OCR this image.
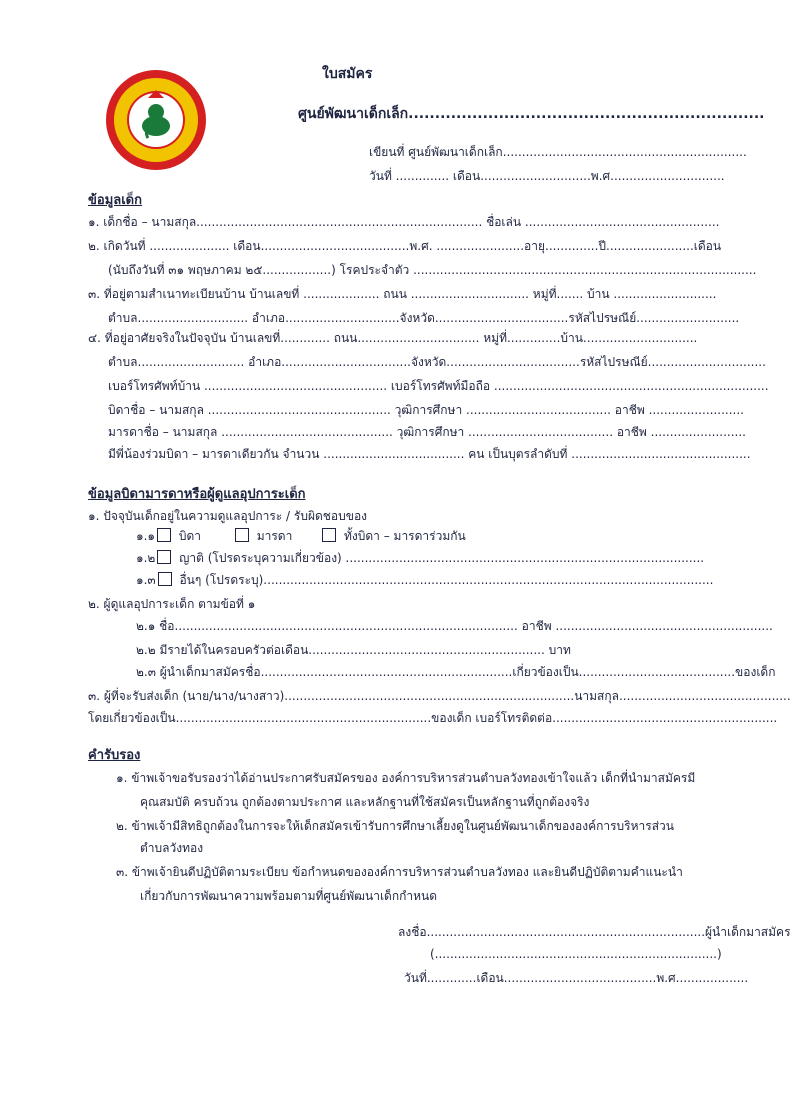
ใบสมัคร
ศูนย์พัฒนาเด็กเล็ก...................................................................
เขียนที่ ศูนย์พัฒนาเด็กเล็ก................................................................
วันที่ .............. เดือน.............................พ.ศ..............................
ข้อมูลเด็ก
๑. เด็กชื่อ – นามสกุล........................................................................... ชื่อเล่น ...................................................
๒. เกิดวันที่ ..................... เดือน.......................................พ.ศ. .......................อายุ..............ปี.......................เดือน
(นับถึงวันที่ ๓๑ พฤษภาคม ๒๕..................) โรคประจำตัว ..........................................................................................
๓. ที่อยู่ตามสำเนาทะเบียนบ้าน บ้านเลขที่ .................... ถนน ............................... หมู่ที่....... บ้าน ...........................
ตำบล............................. อำเภอ..............................จังหวัด...................................รหัสไปรษณีย์...........................
๔. ที่อยู่อาศัยจริงในปัจจุบัน บ้านเลขที่............. ถนน................................ หมู่ที่..............บ้าน..............................
ตำบล............................ อำเภอ..................................จังหวัด...................................รหัสไปรษณีย์...............................
เบอร์โทรศัพท์บ้าน ................................................ เบอร์โทรศัพท์มือถือ ........................................................................
บิดาชื่อ – นามสกุล ................................................ วุฒิการศึกษา ...................................... อาชีพ .........................
มารดาชื่อ – นามสกุล ............................................. วุฒิการศึกษา ...................................... อาชีพ .........................
มีพี่น้องร่วมบิดา – มารดาเดียวกัน จำนวน ..................................... คน เป็นบุตรลำดับที่ ...............................................
ข้อมูลบิดามารดาหรือผู้ดูแลอุปการะเด็ก
๑. ปัจจุบันเด็กอยู่ในความดูแลอุปการะ / รับผิดชอบของ
๑.๑ บิดา	มารดา	ทั้งบิดา – มารดาร่วมกัน
๑.๒ ญาติ (โปรดระบุความเกี่ยวข้อง) ..............................................................................................
๑.๓ อื่นๆ (โปรดระบุ)......................................................................................................................
๒. ผู้ดูแลอุปการะเด็ก ตามข้อที่ ๑
๒.๑ ชื่อ.......................................................................................... อาชีพ .........................................................
๒.๒ มีรายได้ในครอบครัวต่อเดือน.............................................................. บาท
๒.๓ ผู้นำเด็กมาสมัครชื่อ..................................................................เกี่ยวข้องเป็น.........................................ของเด็ก
๓. ผู้ที่จะรับส่งเด็ก (นาย/นาง/นางสาว)............................................................................นามสกุล.............................................
โดยเกี่ยวข้องเป็น...................................................................ของเด็ก เบอร์โทรติดต่อ...........................................................
คำรับรอง
๑. ข้าพเจ้าขอรับรองว่าได้อ่านประกาศรับสมัครของ องค์การบริหารส่วนตำบลวังทองเข้าใจแล้ว เด็กที่นำมาสมัครมี
คุณสมบัติ ครบถ้วน ถูกต้องตามประกาศ และหลักฐานที่ใช้สมัครเป็นหลักฐานที่ถูกต้องจริง
๒. ข้าพเจ้ามีสิทธิถูกต้องในการจะให้เด็กสมัครเข้ารับการศึกษาเลี้ยงดูในศูนย์พัฒนาเด็กขององค์การบริหารส่วน
ตำบลวังทอง
๓. ข้าพเจ้ายินดีปฏิบัติตามระเบียบ ข้อกำหนดขององค์การบริหารส่วนตำบลวังทอง และยินดีปฏิบัติตามคำแนะนำ
เกี่ยวกับการพัฒนาความพร้อมตามที่ศูนย์พัฒนาเด็กกำหนด
ลงชื่อ.........................................................................ผู้นำเด็กมาสมัคร
(..........................................................................)
วันที่.............เดือน........................................พ.ศ...................
